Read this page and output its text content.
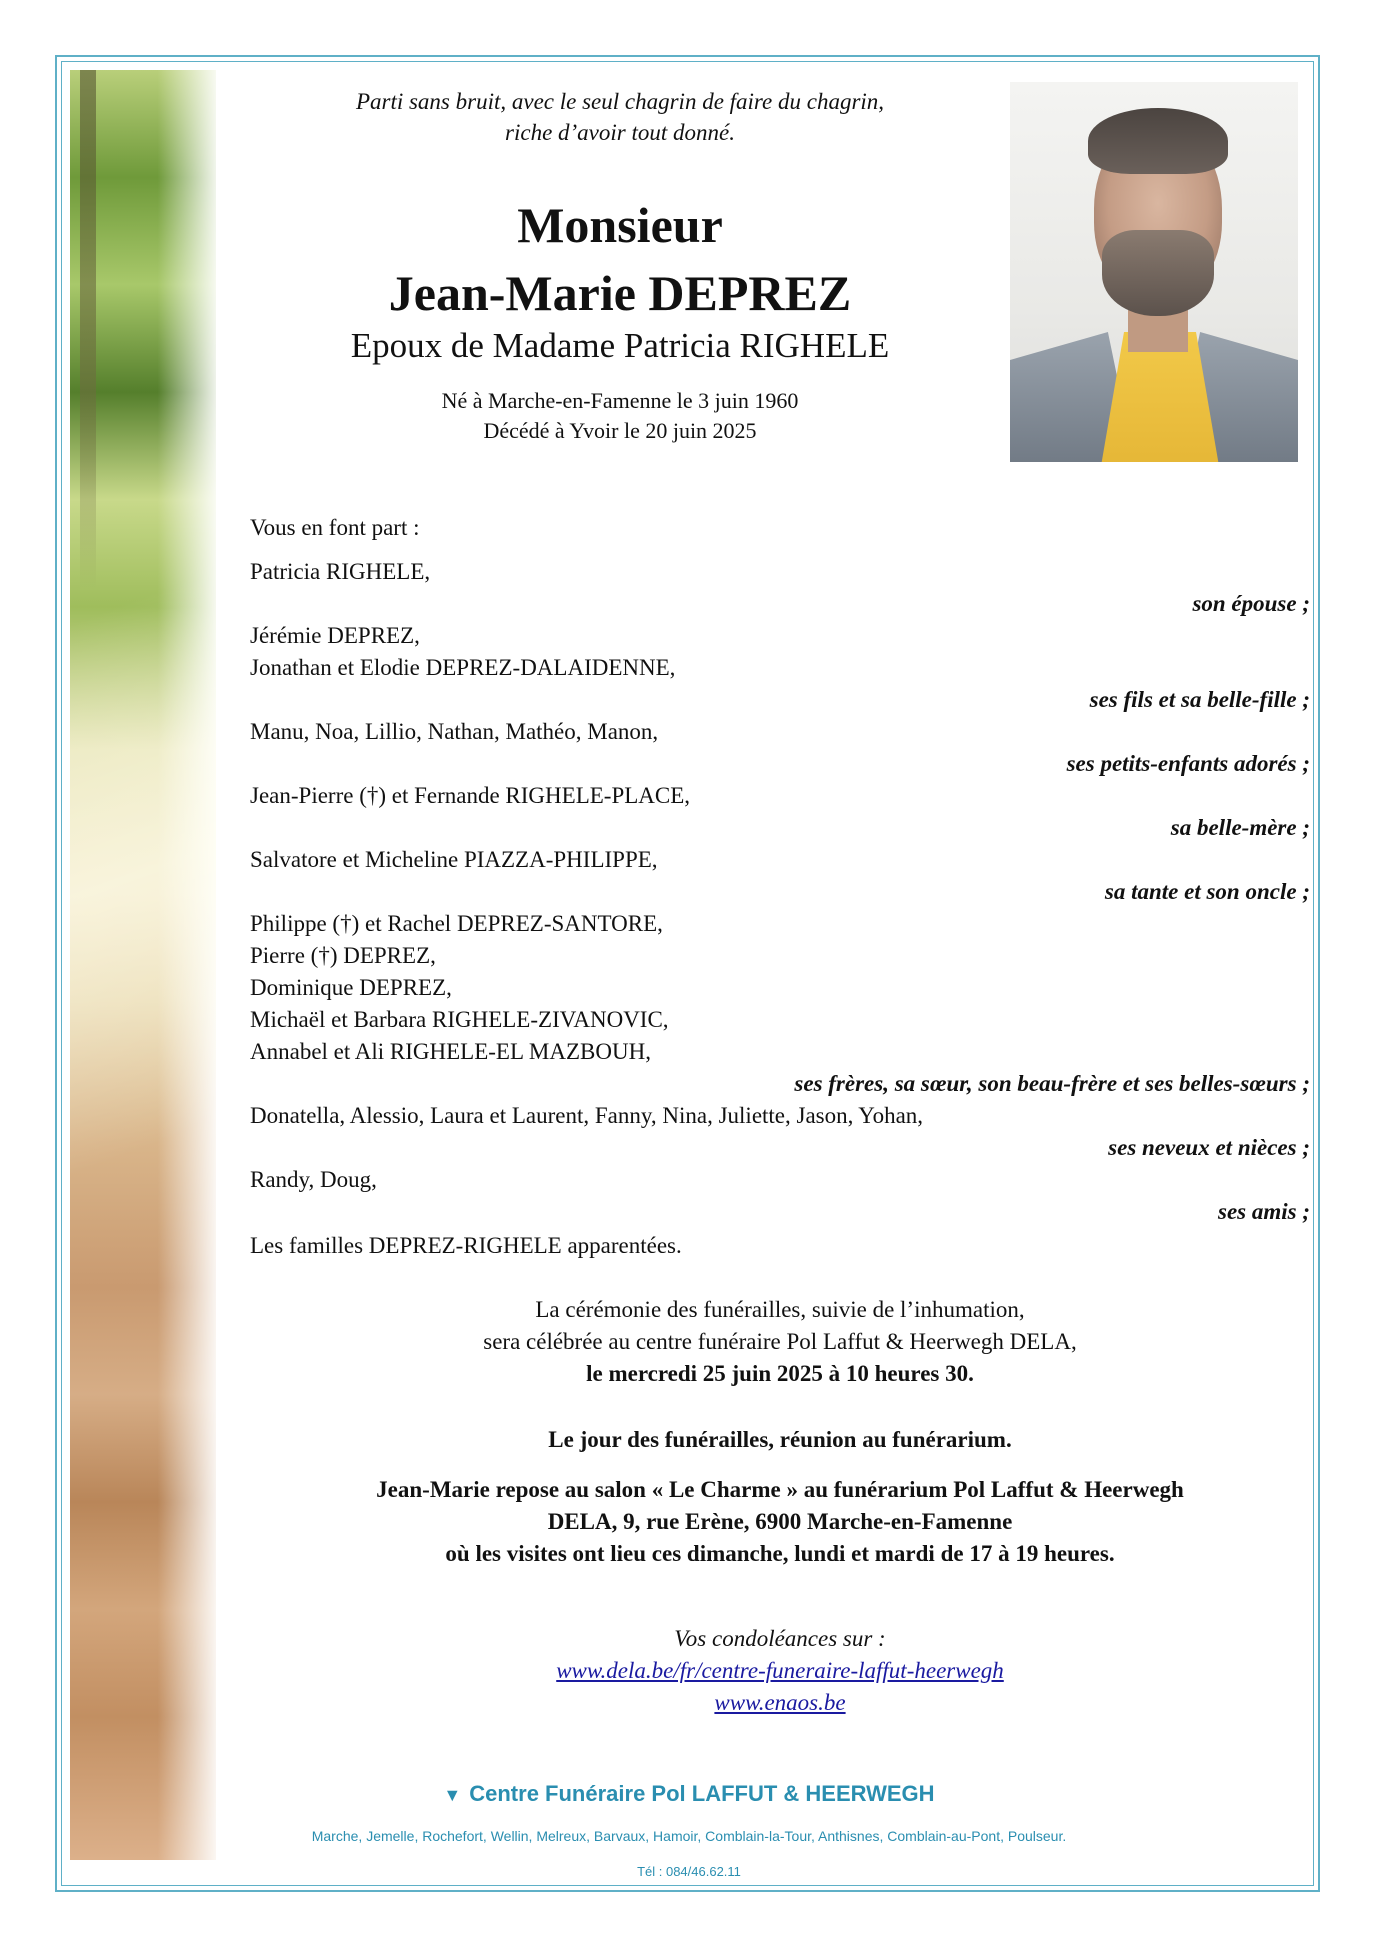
Parti sans bruit, avec le seul chagrin de faire du chagrin,
riche d’avoir tout donné.
Monsieur
Jean-Marie DEPREZ
Epoux de Madame Patricia RIGHELE
Né à Marche-en-Famenne le 3 juin 1960
Décédé à Yvoir le 20 juin 2025
Vous en font part :
Patricia RIGHELE,
son épouse ;
Jérémie DEPREZ,
Jonathan et Elodie DEPREZ-DALAIDENNE,
ses fils et sa belle-fille ;
Manu, Noa, Lillio, Nathan, Mathéo, Manon,
ses petits-enfants adorés ;
Jean-Pierre (†) et Fernande RIGHELE-PLACE,
sa belle-mère ;
Salvatore et Micheline PIAZZA-PHILIPPE,
sa tante et son oncle ;
Philippe (†) et Rachel DEPREZ-SANTORE,
Pierre (†) DEPREZ,
Dominique DEPREZ,
Michaël et Barbara RIGHELE-ZIVANOVIC,
Annabel et Ali RIGHELE-EL MAZBOUH,
ses frères, sa sœur, son beau-frère et ses belles-sœurs ;
Donatella, Alessio, Laura et Laurent, Fanny, Nina, Juliette, Jason, Yohan,
ses neveux et nièces ;
Randy, Doug,
ses amis ;
Les familles DEPREZ-RIGHELE apparentées.
La cérémonie des funérailles, suivie de l’inhumation,
sera célébrée au centre funéraire Pol Laffut & Heerwegh DELA,
le mercredi 25 juin 2025 à 10 heures 30.
Le jour des funérailles, réunion au funérarium.
Jean-Marie repose au salon « Le Charme » au funérarium Pol Laffut & Heerwegh
DELA, 9, rue Erène, 6900 Marche-en-Famenne
où les visites ont lieu ces dimanche, lundi et mardi de 17 à 19 heures.
Vos condoléances sur :
www.dela.be/fr/centre-funeraire-laffut-heerwegh
www.enaos.be
▼ Centre Funéraire Pol LAFFUT & HEERWEGH
Marche, Jemelle, Rochefort, Wellin, Melreux, Barvaux, Hamoir, Comblain-la-Tour, Anthisnes, Comblain-au-Pont, Poulseur.
Tél : 084/46.62.11
